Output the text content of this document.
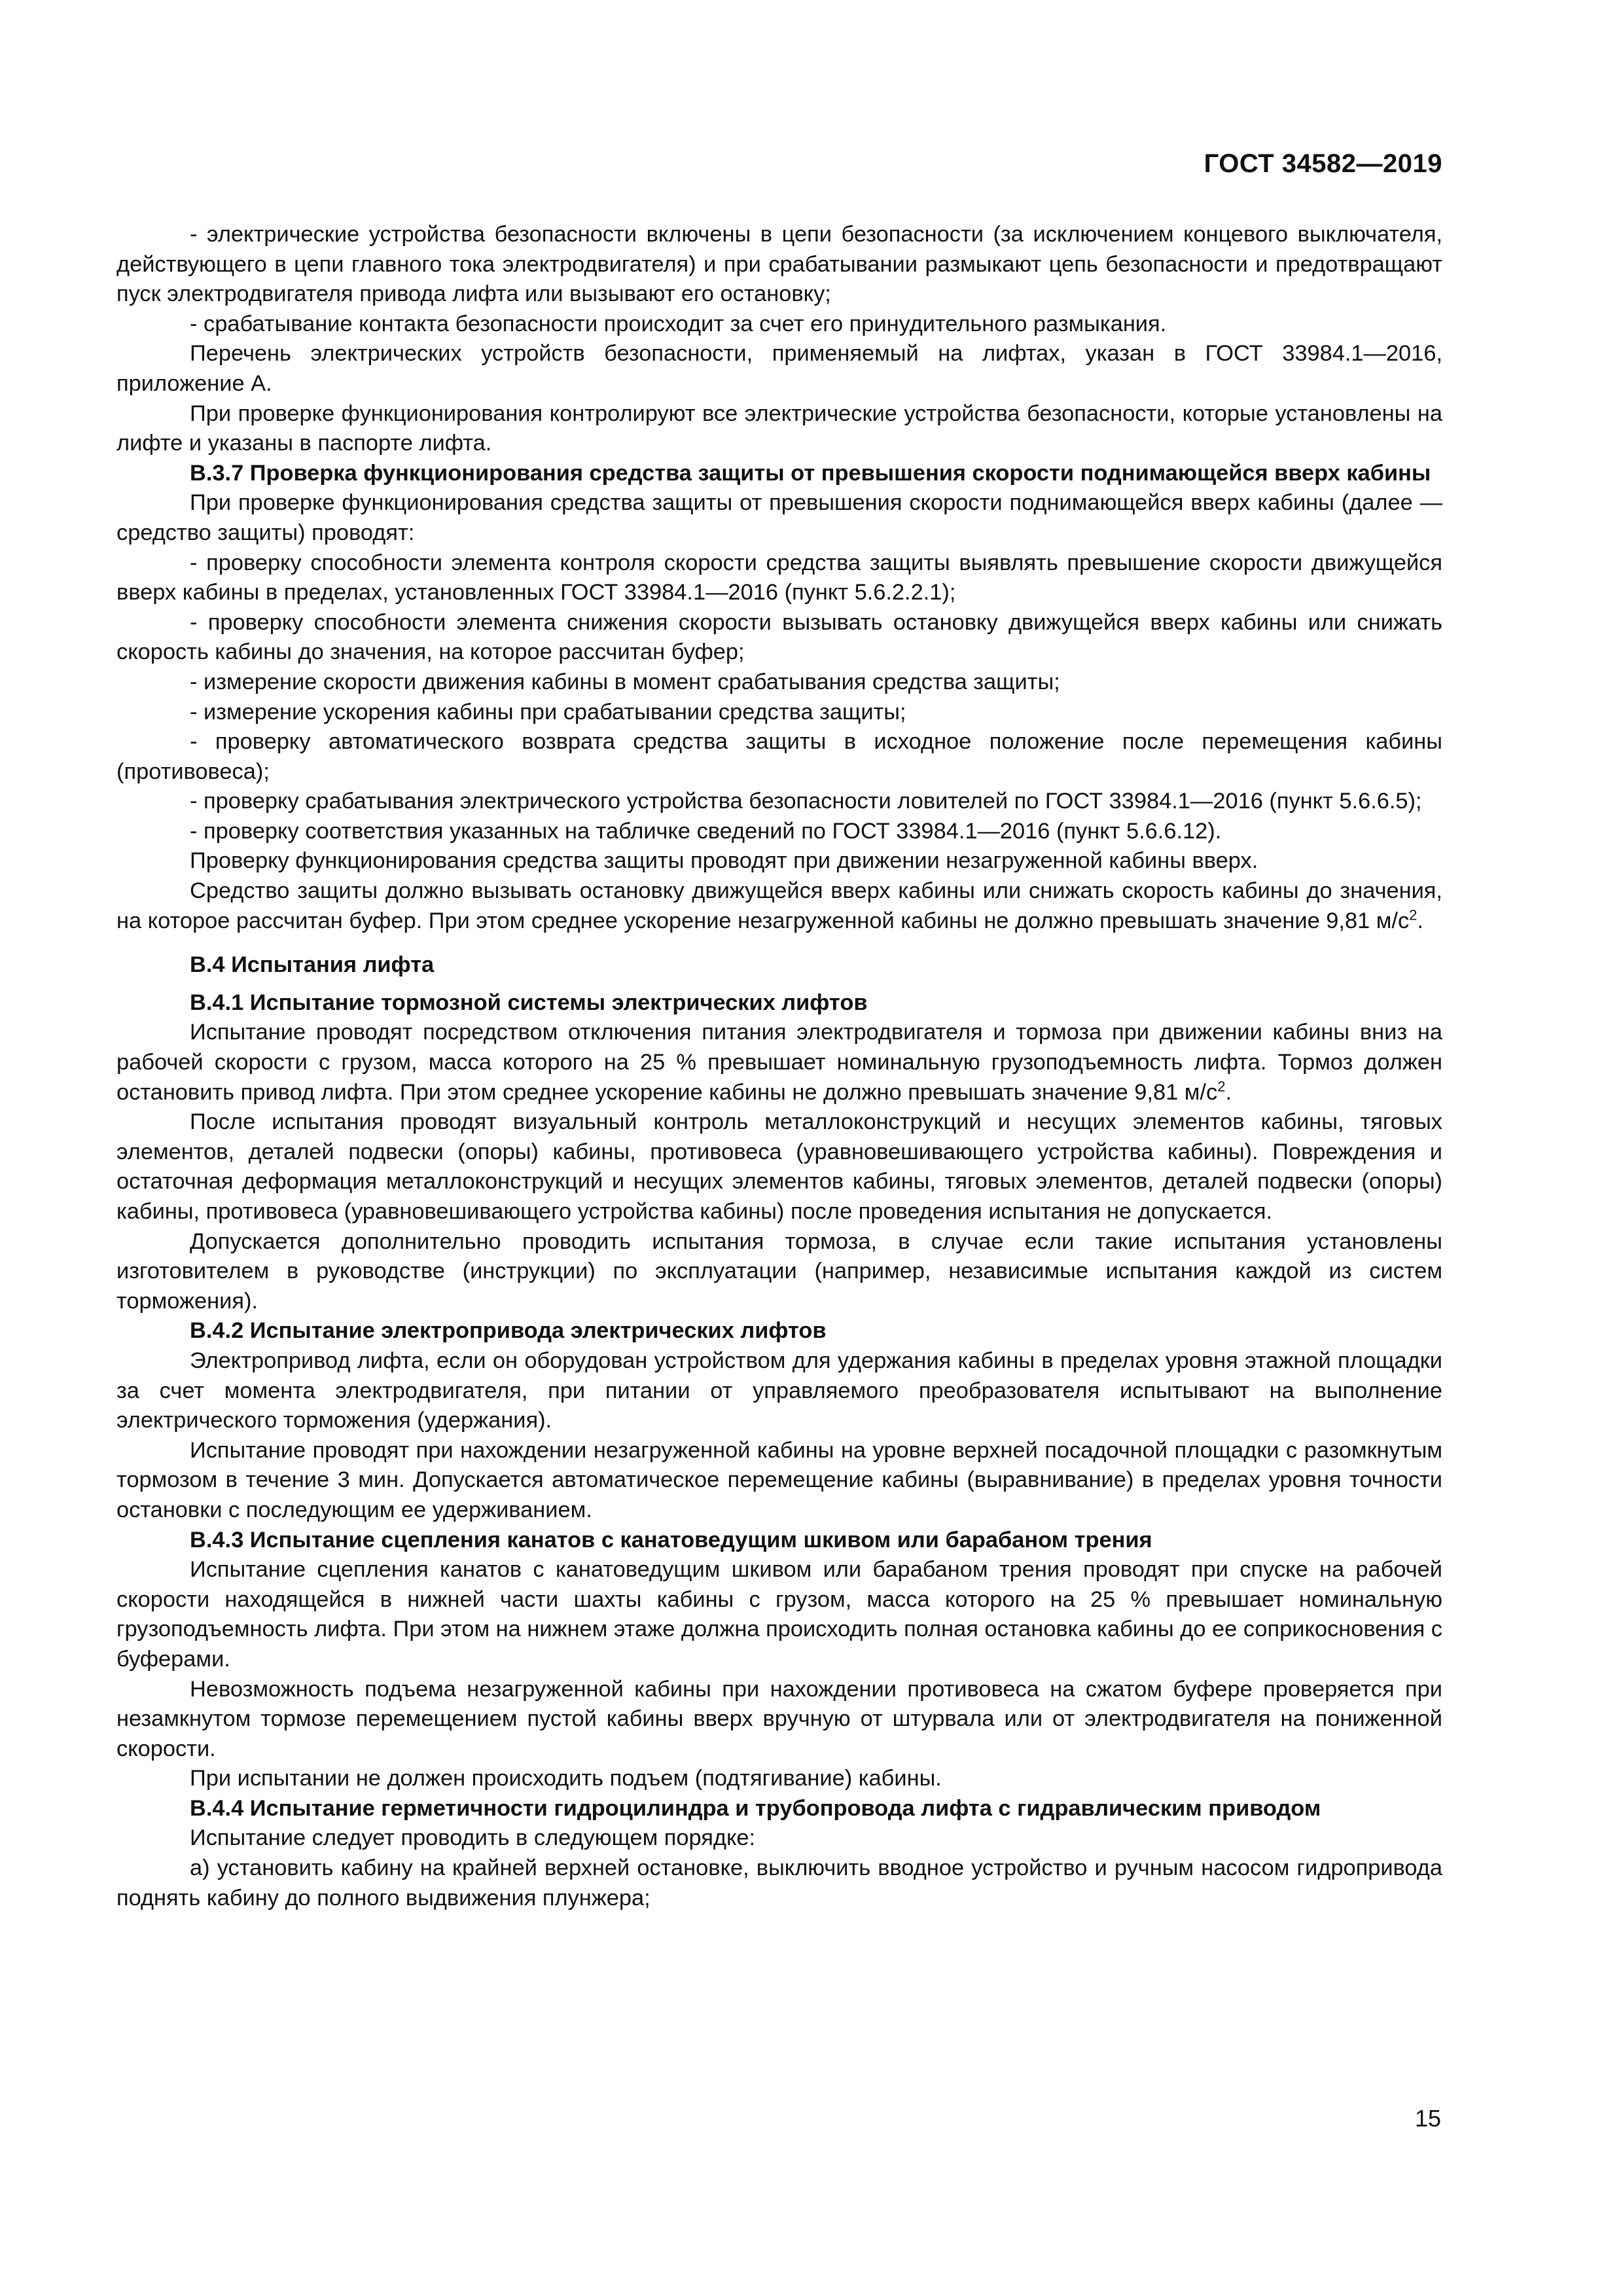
ГОСТ 34582—2019

- электрические устройства безопасности включены в цепи безопасности (за исключением концевого выключателя, действующего в цепи главного тока электродвигателя) и при срабатывании размыкают цепь безопасности и предотвращают пуск электродвигателя привода лифта или вызывают его остановку;

- срабатывание контакта безопасности происходит за счет его принудительного размыкания.

Перечень электрических устройств безопасности, применяемый на лифтах, указан в ГОСТ 33984.1—2016, приложение А.

При проверке функционирования контролируют все электрические устройства безопасности, которые установлены на лифте и указаны в паспорте лифта.

В.3.7 Проверка функционирования средства защиты от превышения скорости поднимающейся вверх кабины

При проверке функционирования средства защиты от превышения скорости поднимающейся вверх кабины (далее — средство защиты) проводят:

- проверку способности элемента контроля скорости средства защиты выявлять превышение скорости движущейся вверх кабины в пределах, установленных ГОСТ 33984.1—2016 (пункт 5.6.2.2.1);

- проверку способности элемента снижения скорости вызывать остановку движущейся вверх кабины или снижать скорость кабины до значения, на которое рассчитан буфер;

- измерение скорости движения кабины в момент срабатывания средства защиты;

- измерение ускорения кабины при срабатывании средства защиты;

- проверку автоматического возврата средства защиты в исходное положение после перемещения кабины (противовеса);

- проверку срабатывания электрического устройства безопасности ловителей по ГОСТ 33984.1—2016 (пункт 5.6.6.5);

- проверку соответствия указанных на табличке сведений по ГОСТ 33984.1—2016 (пункт 5.6.6.12).

Проверку функционирования средства защиты проводят при движении незагруженной кабины вверх.

Средство защиты должно вызывать остановку движущейся вверх кабины или снижать скорость кабины до значения, на которое рассчитан буфер. При этом среднее ускорение незагруженной кабины не должно превышать значение 9,81 $м/с^2$.

В.4 Испытания лифта

В.4.1 Испытание тормозной системы электрических лифтов

Испытание проводят посредством отключения питания электродвигателя и тормоза при движении кабины вниз на рабочей скорости с грузом, масса которого на 25 % превышает номинальную грузоподъемность лифта. Тормоз должен остановить привод лифта. При этом среднее ускорение кабины не должно превышать значение 9,81 $м/с^2$.

После испытания проводят визуальный контроль металлоконструкций и несущих элементов кабины, тяговых элементов, деталей подвески (опоры) кабины, противовеса (уравновешивающего устройства кабины). Повреждения и остаточная деформация металлоконструкций и несущих элементов кабины, тяговых элементов, деталей подвески (опоры) кабины, противовеса (уравновешивающего устройства кабины) после проведения испытания не допускается.

Допускается дополнительно проводить испытания тормоза, в случае если такие испытания установлены изготовителем в руководстве (инструкции) по эксплуатации (например, независимые испытания каждой из систем торможения).

В.4.2 Испытание электропривода электрических лифтов

Электропривод лифта, если он оборудован устройством для удержания кабины в пределах уровня этажной площадки за счет момента электродвигателя, при питании от управляемого преобразователя испытывают на выполнение электрического торможения (удержания).

Испытание проводят при нахождении незагруженной кабины на уровне верхней посадочной площадки с разомкнутым тормозом в течение 3 мин. Допускается автоматическое перемещение кабины (выравнивание) в пределах уровня точности остановки с последующим ее удерживанием.

В.4.3 Испытание сцепления канатов с канатоведущим шкивом или барабаном трения

Испытание сцепления канатов с канатоведущим шкивом или барабаном трения проводят при спуске на рабочей скорости находящейся в нижней части шахты кабины с грузом, масса которого на 25 % превышает номинальную грузоподъемность лифта. При этом на нижнем этаже должна происходить полная остановка кабины до ее соприкосновения с буферами.

Невозможность подъема незагруженной кабины при нахождении противовеса на сжатом буфере проверяется при незамкнутом тормозе перемещением пустой кабины вверх вручную от штурвала или от электродвигателя на пониженной скорости.

При испытании не должен происходить подъем (подтягивание) кабины.

В.4.4 Испытание герметичности гидроцилиндра и трубопровода лифта с гидравлическим приводом

Испытание следует проводить в следующем порядке:

а) установить кабину на крайней верхней остановке, выключить вводное устройство и ручным насосом гидропривода поднять кабину до полного выдвижения плунжера;

15
